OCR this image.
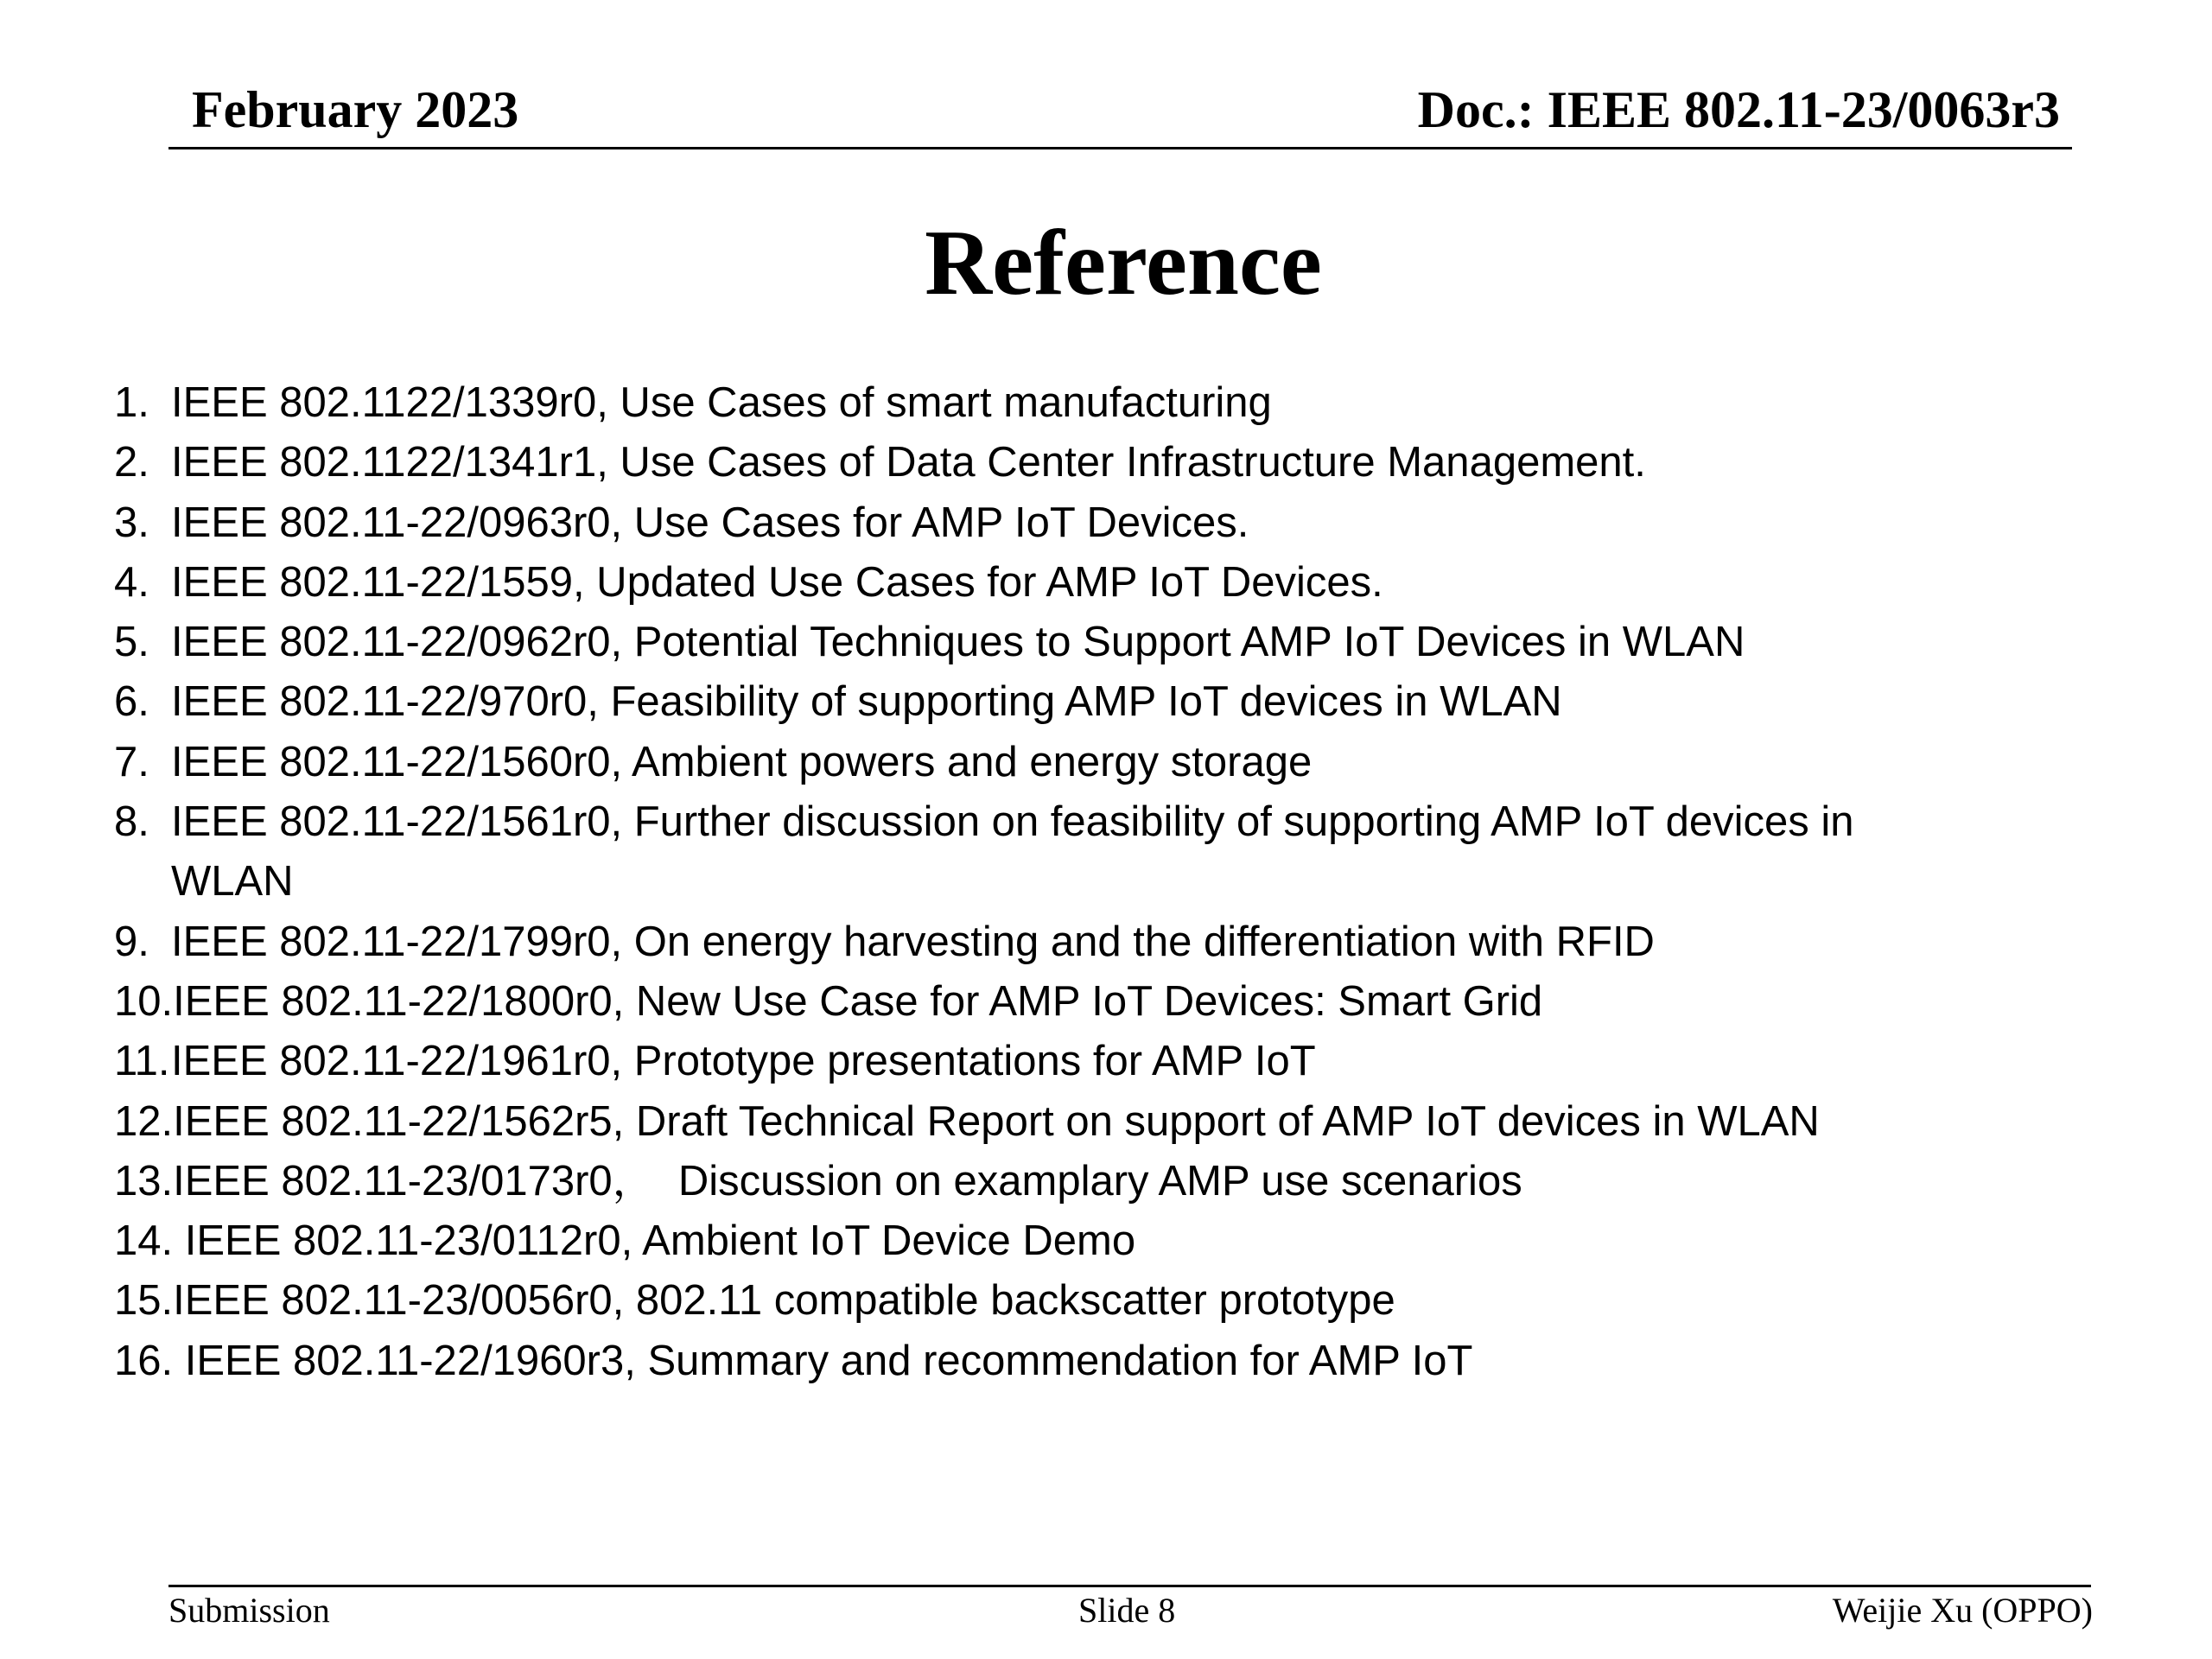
February 2023	Doc.: IEEE 802.11-23/0063r3
Reference
1. IEEE 802.1122/1339r0, Use Cases of smart manufacturing
2. IEEE 802.1122/1341r1, Use Cases of Data Center Infrastructure Management.
3. IEEE 802.11-22/0963r0, Use Cases for AMP IoT Devices.
4. IEEE 802.11-22/1559, Updated Use Cases for AMP IoT Devices.
5. IEEE 802.11-22/0962r0, Potential Techniques to Support AMP IoT Devices in WLAN
6. IEEE 802.11-22/970r0, Feasibility of supporting AMP IoT devices in WLAN
7. IEEE 802.11-22/1560r0, Ambient powers and energy storage
8. IEEE 802.11-22/1561r0, Further discussion on feasibility of supporting AMP IoT devices in WLAN
9. IEEE 802.11-22/1799r0, On energy harvesting and the differentiation with RFID
10. IEEE 802.11-22/1800r0, New Use Case for AMP IoT Devices: Smart Grid
11. IEEE 802.11-22/1961r0, Prototype presentations for AMP IoT
12. IEEE 802.11-22/1562r5, Draft Technical Report on support of AMP IoT devices in WLAN
13. IEEE 802.11-23/0173r0，  Discussion on examplary AMP use scenarios
14. IEEE 802.11-23/0112r0, Ambient IoT Device Demo
15. IEEE 802.11-23/0056r0, 802.11 compatible backscatter prototype
16. IEEE 802.11-22/1960r3, Summary and recommendation for AMP IoT
Submission	Slide 8	Weijie Xu (OPPO)
